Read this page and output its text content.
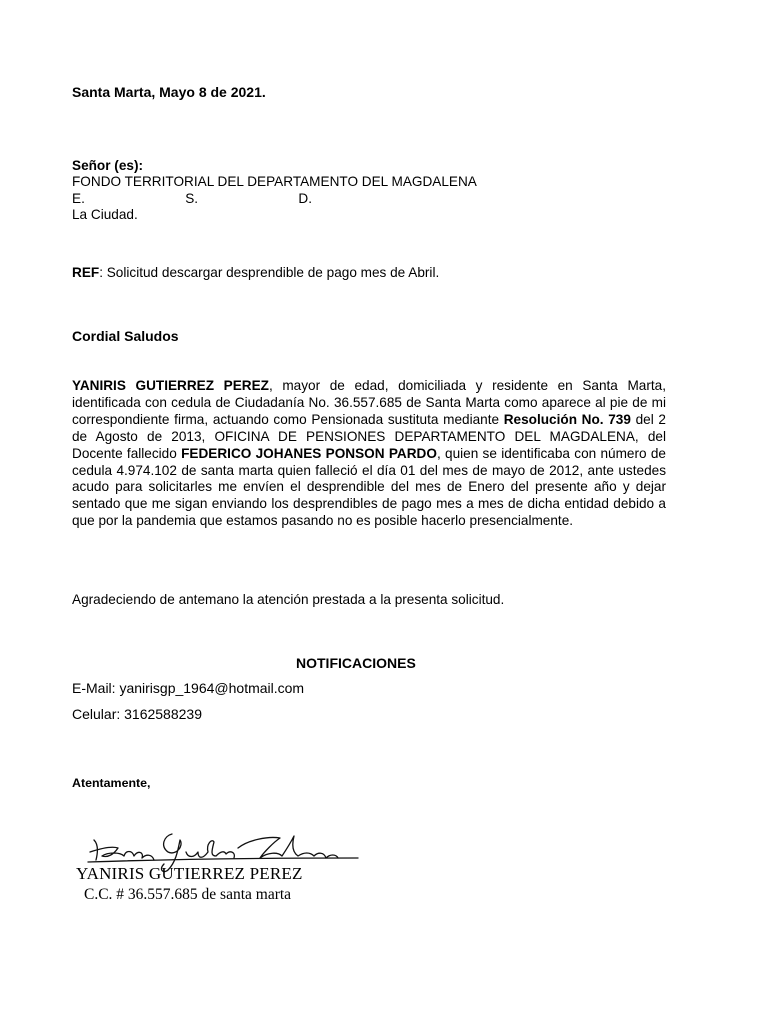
Santa Marta, Mayo 8 de 2021.
Señor (es):
FONDO TERRITORIAL DEL DEPARTAMENTO DEL MAGDALENA
E.	S.	D.
La Ciudad.
REF: Solicitud descargar desprendible de pago mes de Abril.
Cordial Saludos
YANIRIS GUTIERREZ PEREZ, mayor de edad, domiciliada y residente en Santa Marta, identificada con cedula de Ciudadanía No. 36.557.685 de Santa Marta como aparece al pie de mi correspondiente firma, actuando como Pensionada sustituta mediante Resolución No. 739 del 2 de Agosto de 2013, OFICINA DE PENSIONES DEPARTAMENTO DEL MAGDALENA, del Docente fallecido FEDERICO JOHANES PONSON PARDO, quien se identificaba con número de cedula 4.974.102 de santa marta quien falleció el día 01 del mes de mayo de 2012, ante ustedes acudo para solicitarles me envíen el desprendible del mes de Enero del presente año y dejar sentado que me sigan enviando los desprendibles de pago mes a mes de dicha entidad debido a que por la pandemia que estamos pasando no es posible hacerlo presencialmente.
Agradeciendo de antemano la atención prestada a la presenta solicitud.
NOTIFICACIONES
E-Mail: yanirisgp_1964@hotmail.com
Celular: 3162588239
Atentamente,
YANIRIS GUTIERREZ PEREZ
C.C. # 36.557.685 de santa marta
